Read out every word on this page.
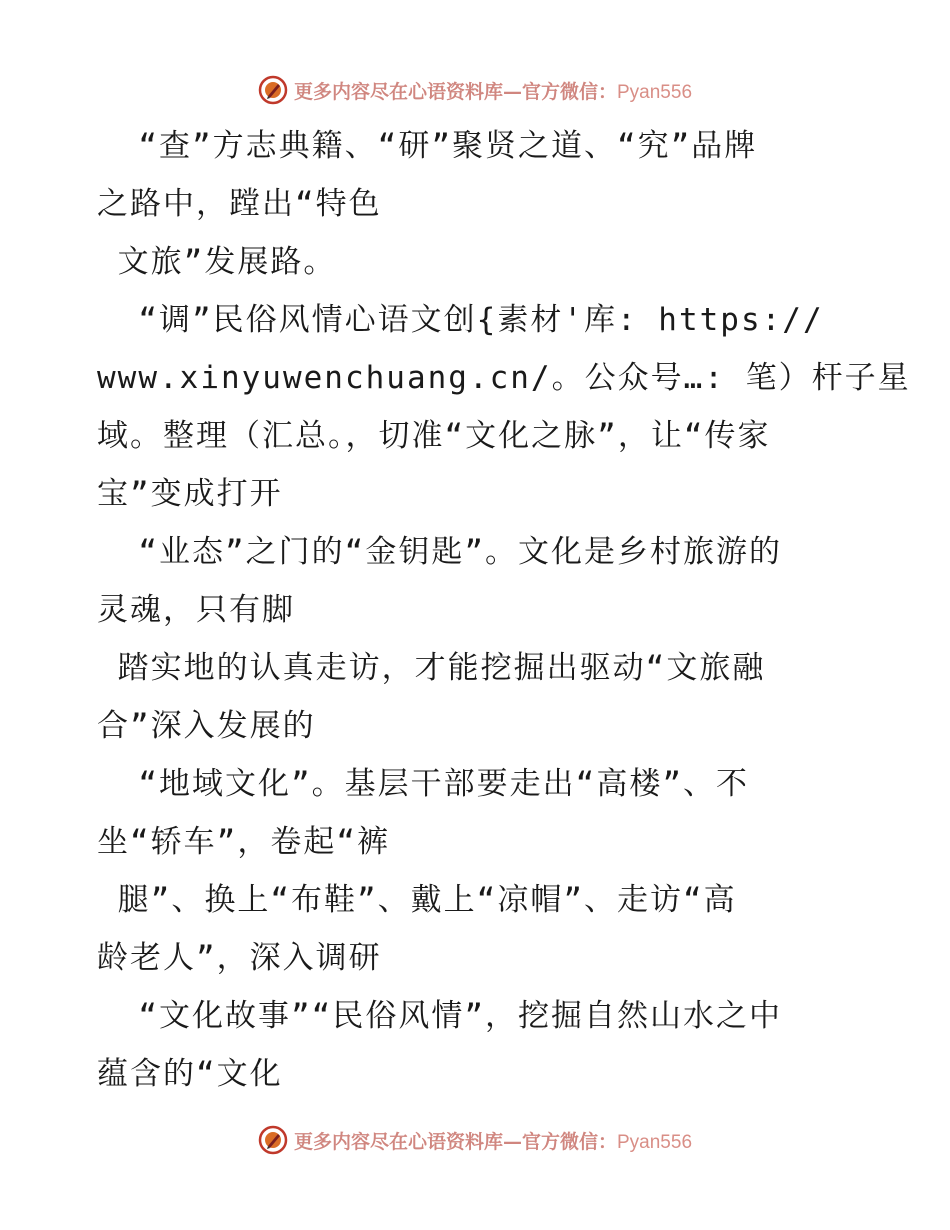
更多内容尽在心语资料库—官方微信：Pyan556
“查”方志典籍、“研”聚贤之道、“究”品牌
之路中，蹚出“特色
文旅”发展路。
“调”民俗风情心语文创{素材'库: https://
www.xinyuwenchuang.cn/。公众号…: 笔）杆子星
域。整理（汇总。，切准“文化之脉”，让“传家
宝”变成打开
“业态”之门的“金钥匙”。文化是乡村旅游的
灵魂，只有脚
踏实地的认真走访，才能挖掘出驱动“文旅融
合”深入发展的
“地域文化”。基层干部要走出“高楼”、不
坐“轿车”，卷起“裤
腿”、换上“布鞋”、戴上“凉帽”、走访“高
龄老人”，深入调研
“文化故事”“民俗风情”，挖掘自然山水之中
蕴含的“文化
更多内容尽在心语资料库—官方微信：Pyan556
